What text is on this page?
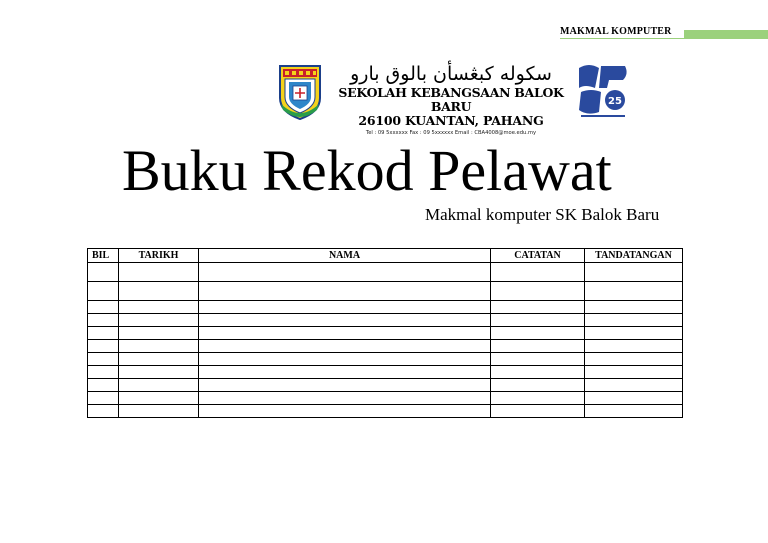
MAKMAL KOMPUTER
سکوله کبڠسأن بالوق بارو
SEKOLAH KEBANGSAAN BALOK BARU
26100 KUANTAN, PAHANG
Tel : 09 5xxxxxx Fax : 09 5xxxxxx Email : CBA4008@moe.edu.my
25
Buku Rekod Pelawat
Makmal komputer SK Balok Baru
BIL	TARIKH	NAMA	CATATAN	TANDATANGAN
